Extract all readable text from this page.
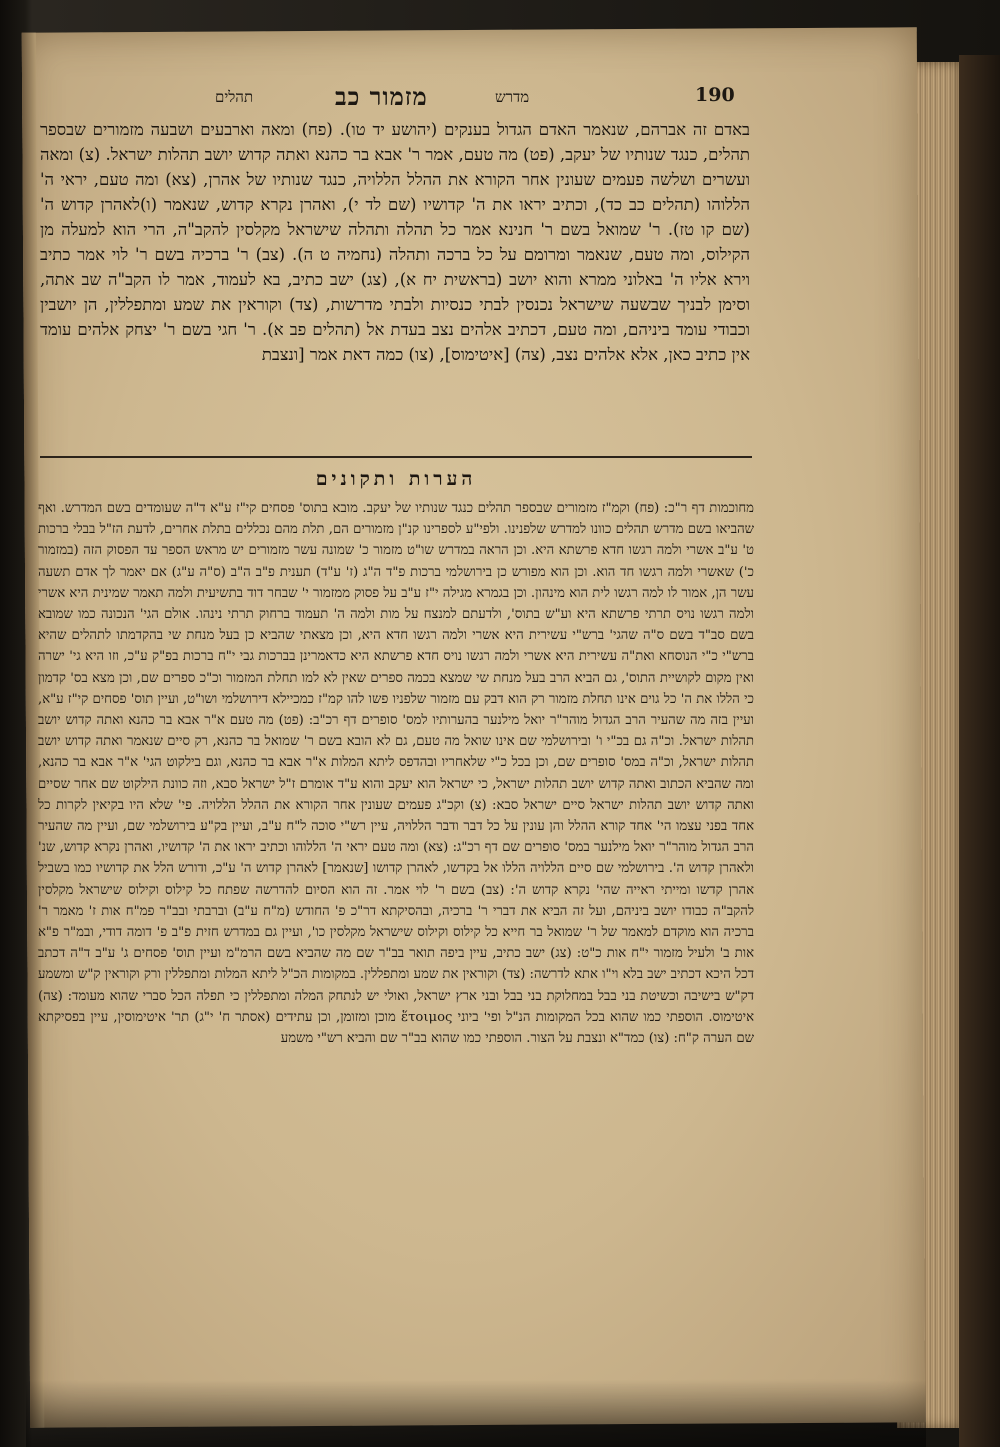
190
מדרש
מזמור כב
תהלים

באדם זה אברהם, שנאמר האדם הגדול בענקים (יהושע יד טו). (פח) ומאה וארבעים ושבעה מזמורים שבספר תהלים, כנגד שנותיו של יעקב, (פט) מה טעם, אמר ר' אבא בר כהנא ואתה קדוש יושב תהלות ישראל. (צ) ומאה ועשרים ושלשה פעמים שעונין אחר הקורא את ההלל הללויה, כנגד שנותיו של אהרן, (צא) ומה טעם, יראי ה' הללוהו (תהלים כב כד), וכתיב יראו את ה' קדושיו (שם לד י), ואהרן נקרא קדוש, שנאמר (ו)לאהרן קדוש ה' (שם קו טז). ר' שמואל בשם ר' חנינא אמר כל תהלה ותהלה שישראל מקלסין להקב"ה, הרי הוא למעלה מן הקילוס, ומה טעם, שנאמר ומרומם על כל ברכה ותהלה (נחמיה ט ה). (צב) ר' ברכיה בשם ר' לוי אמר כתיב וירא אליו ה' באלוני ממרא והוא יושב (בראשית יח א), (צג) ישב כתיב, בא לעמוד, אמר לו הקב"ה שב אתה, וסימן לבניך שבשעה שישראל נכנסין לבתי כנסיות ולבתי מדרשות, (צד) וקוראין את שמע ומתפללין, הן יושבין וכבודי עומד ביניהם, ומה טעם, דכתיב אלהים נצב בעדת אל (תהלים פב א). ר' חגי בשם ר' יצחק אלהים עומד אין כתיב כאן, אלא אלהים נצב, (צה) [איטימוס], (צו) כמה דאת אמר [ונצבת

הערות ותקונים

מחוכמות דף ר"כ: (פח) וקמ"ז מזמורים שבספר תהלים כנגד שנותיו של יעקב. מובא בתוס' פסחים קי"ז ע"א ד"ה שעומדים בשם המדרש. ואף שהביאו בשם מדרש תהלים כוונו למדרש שלפנינו. ולפי"ע לספרינו קנ"ן מזמורים הם, תלת מהם נכללים בתלת אחרים, לדעת הז"ל בבלי ברכות ט' ע"ב אשרי ולמה רגשו חדא פרשתא היא. וכן הראה במדרש שו"ט מזמור כ' שמונה עשר מזמורים יש מראש הספר עד הפסוק הזה (במזמור כ') שאשרי ולמה רגשו חד הוא. וכן הוא מפורש כן בירושלמי ברכות פ"ד ה"ג (ז' ע"ד) תענית פ"ב ה"ב (ס"ה ע"ג) אם יאמר לך אדם תשעה עשר הן, אמור לו למה רגשו לית הוא מינהון. וכן בגמרא מגילה י"ז ע"ב על פסוק ממזמור י' שבחר דוד בתשיעית ולמה תאמר שמינית היא אשרי ולמה רגשו נויס תרתי פרשתא היא וע"ש בתוס', ולדעתם למנצח על מות ולמה ה' תעמוד ברחוק תרתי נינהו. אולם הגי' הנכונה כמו שמובא בשם סב"ד בשם ס"ה שהגי' ברש"י עשירית היא אשרי ולמה רגשו חדא היא, וכן מצאתי שהביא כן בעל מנחת שי בהקדמתו לתהלים שהיא ברש"י כ"י הנוסחא ואת"ה עשירית היא אשרי ולמה רגשו נויס חדא פרשתא היא כדאמרינן בברכות גבי י"ח ברכות בפ"ק ע"כ, וזו היא גי' ישרה ואין מקום לקושיית התוס', גם הביא הרב בעל מנחת שי שמצא בכמה ספרים שאין לא למו תחלת המזמור וכ"כ ספרים שם, וכן מצא בס' קדמון כי הללו את ה' כל גוים אינו תחלת מזמור רק הוא דבק עם מזמור שלפניו פשו להו קמ"ז כמכיילא דירושלמי ושו"ט, ועיין תוס' פסחים קי"ז ע"א, ועיין בזה מה שהעיר הרב הגדול מוהר"ר יואל מילנער בהערותיו למס' סופרים דף רכ"ב: (פט) מה טעם א"ר אבא בר כהנא ואתה קדוש יושב תהלות ישראל. וכ"ה גם בכ"י ו' ובירושלמי שם אינו שואל מה טעם, גם לא הובא בשם ר' שמואל בר כהנא, רק סיים שנאמר ואתה קדוש יושב תהלות ישראל, וכ"ה במס' סופרים שם, וכן בכל כ"י שלאחריו ובהדפס ליתא המלות א"ר אבא בר כהנא, וגם בילקוט הגי' א"ר אבא בר כהנא, ומה שהביא הכתוב ואתה קדוש יושב תהלות ישראל, כי ישראל הוא יעקב והוא ע"ד אומרם ז"ל ישראל סבא, וזה כוונת הילקוט שם אחר שסיים ואתה קדוש יושב תהלות ישראל סיים ישראל סבא: (צ) וקכ"ג פעמים שעונין אחר הקורא את ההלל הללויה. פי' שלא היו בקיאין לקרות כל אחד בפני עצמו הי' אחד קורא ההלל והן עונין על כל דבר ודבר הללויה, עיין רש"י סוכה ל"ח ע"ב, ועיין בק"ע בירושלמי שם, ועיין מה שהעיר הרב הגדול מוהר"ר יואל מילנער במס' סופרים שם דף רכ"ג: (צא) ומה טעם יראי ה' הללוהו וכתיב יראו את ה' קדושיו, ואהרן נקרא קדוש, שנ' ולאהרן קדוש ה'. בירושלמי שם סיים הללויה הללו אל בקדשו, לאהרן קדושו [שנאמר] לאהרן קדוש ה' ע"כ, ודורש הלל את קדושיו כמו בשביל אהרן קדשו ומייתי ראייה שהי' נקרא קדוש ה': (צב) בשם ר' לוי אמר. זה הוא הסיום להדרשה שפתח כל קילוס וקילוס שישראל מקלסין להקב"ה כבודו יושב ביניהם, ועל זה הביא את דברי ר' ברכיה, ובהסיקתא דר"כ פ' החודש (מ"ח ע"ב) וברבתי ובב"ר פמ"ח אות ז' מאמר ר' ברכיה הוא מוקדם למאמר של ר' שמואל בר חייא כל קילוס וקילוס שישראל מקלסין כו', ועיין גם במדרש חזית פ"ב פ' דומה דודי, ובמ"ר פ"א אות ב' ולעיל מזמור י"ח אות כ"ט: (צג) ישב כתיב, עיין ביפה תואר בב"ר שם מה שהביא בשם הרמ"מ ועיין תוס' פסחים ג' ע"ב ד"ה דכתב דכל היכא דכתיב ישב בלא וי"ו אתא לדרשה: (צד) וקוראין את שמע ומתפללין. במקומות הכ"ל ליתא המלות ומתפללין ורק וקוראין ק"ש ומשמע דק"ש בישיבה וכשיטת בני בבל במחלוקת בני בבל ובני ארץ ישראל, ואולי יש לנתחק המלה ומתפללין כי תפלה הכל סברי שהוא מעומד: (צה) איטימוס. הוספתי כמו שהוא בכל המקומות הנ"ל ופי' ביוני ἕτοιμος מוכן ומזומן, וכן עתידים (אסתר ח' י"ג) תר' איטימוסין, עיין בפסיקתא שם הערה ק"ח: (צו) כמד"א ונצבת על הצור. הוספתי כמו שהוא בב"ר שם והביא רש"י משמע
